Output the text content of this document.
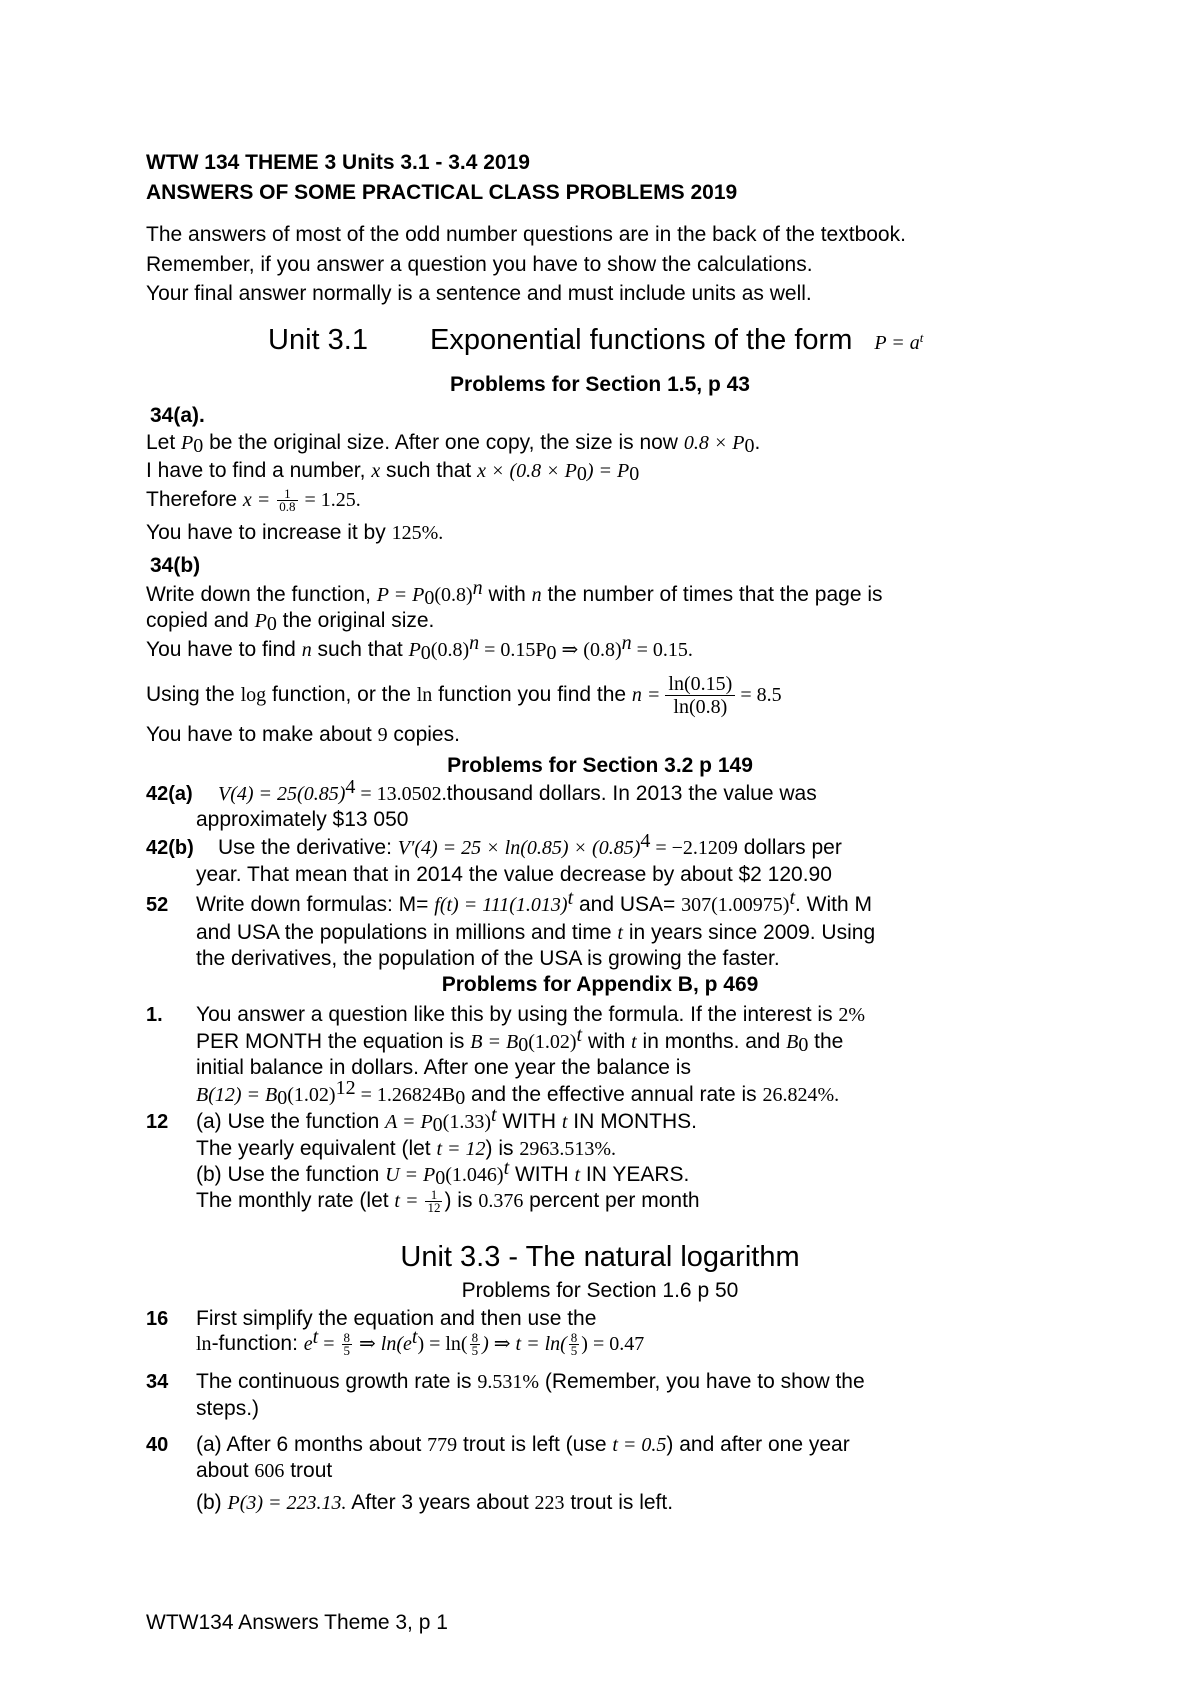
WTW 134 THEME 3 Units 3.1 - 3.4 2019
ANSWERS OF SOME PRACTICAL CLASS PROBLEMS 2019
The answers of most of the odd number questions are in the back of the textbook.
Remember, if you answer a question you have to show the calculations.
Your final answer normally is a sentence and must include units as well.
Unit 3.1 Exponential functions of the form $P = a^t$
Problems for Section 1.5, p 43
34(a).
Let $P_0$ be the original size. After one copy, the size is now $0.8 \times P_0$.
I have to find a number, x such that $x \times (0.8 \times P_0) = P_0$
Therefore $x = \frac{1}{0.8} = 1.25$.
You have to increase it by 125%.
34(b)
Write down the function, $P = P_0(0.8)^n$ with n the number of times that the page is
copied and $P_0$ the original size.
You have to find n such that $P_0(0.8)^n = 0.15P_0$ ⇒ $(0.8)^n = 0.15$.
Using the log function, or the ln function you find the $n = \frac{\ln(0.15)}{\ln(0.8)} = 8.5$
You have to make about 9 copies.
Problems for Section 3.2 p 149
42(a) $V(4) = 25(0.85)^4$ = 13.0502.thousand dollars. In 2013 the value was
approximately $13 050
42(b) Use the derivative: $V'(4) = 25 \times \ln(0.85) \times (0.85)^4 = -2.1209$ dollars per
year. That mean that in 2014 the value decrease by about $2 120.90
52 Write down formulas: $M= f(t) = 111(1.013)^t$ and $USA= 307(1.00975)^t$. With M
and USA the populations in millions and time t in years since 2009. Using
the derivatives, the population of the USA is growing the faster.
Problems for Appendix B, p 469
1. You answer a question like this by using the formula. If the interest is 2%
PER MONTH the equation is $B = B_0(1.02)^t$ with t in months. and $B_0$ the
initial balance in dollars. After one year the balance is
$B(12) = B_0(1.02)^{12} = 1.26824B_0$ and the effective annual rate is 26.824%.
12 (a) Use the function $A = P_0(1.33)^t$ WITH t IN MONTHS.
The yearly equivalent (let t = 12) is 2963.513%.
(b) Use the function $U = P_0(1.046)^t$ WITH t IN YEARS.
The monthly rate (let $t = \frac{1}{12}$ ) is 0.376 percent per month
Unit 3.3 - The natural logarithm
Problems for Section 1.6 p 50
16 First simplify the equation and then use the
ln-function: $e^t = \frac{8}{5}$ ⇒ $\ln(e^t) = \ln( \frac{8}{5}$ ) ⇒ $t = \ln( \frac{8}{5}$ ) = 0.47
34 The continuous growth rate is 9.531% (Remember, you have to show the
steps.)
40 (a) After 6 months about 779 trout is left (use t = 0.5) and after one year
about 606 trout
(b) P(3) = 223.13. After 3 years about 223 trout is left.
WTW134 Answers Theme 3, p 1
